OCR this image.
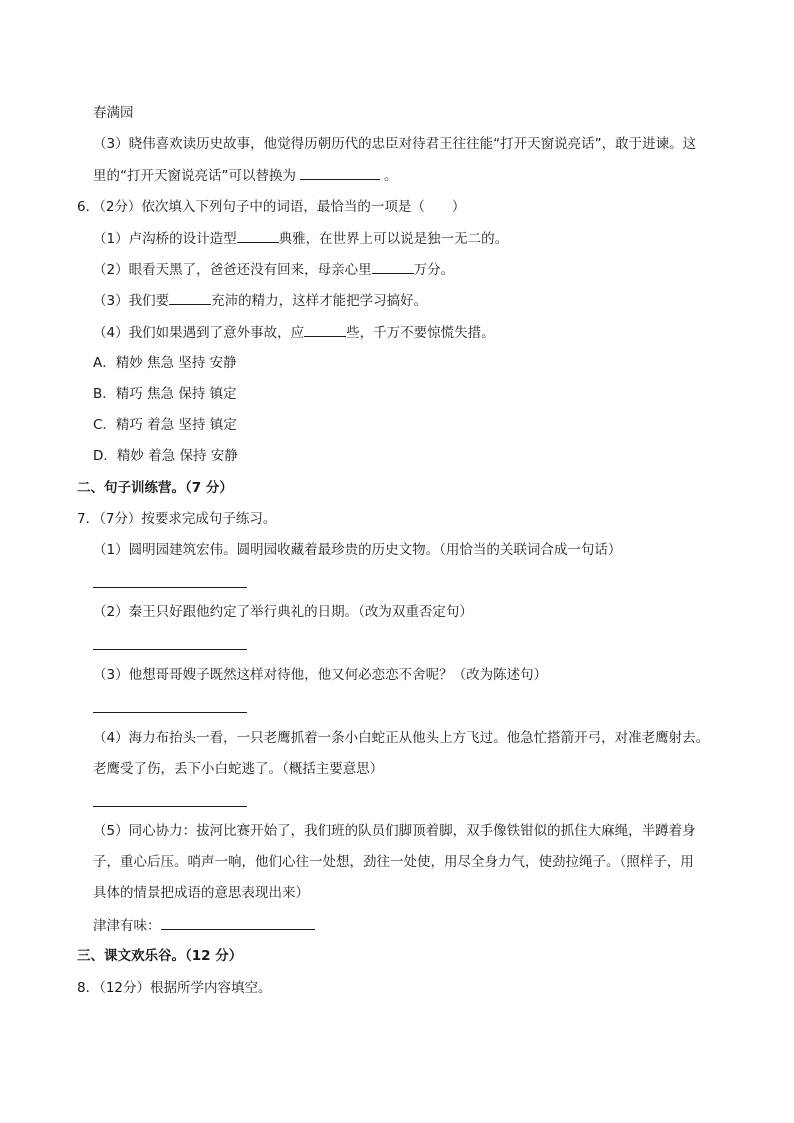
春满园
（3）晓伟喜欢读历史故事，他觉得历朝历代的忠臣对待君王往往能“打开天窗说亮话”，敢于进谏。这
里的“打开天窗说亮话”可以替换为	。
6．（2分）依次填入下列句子中的词语，最恰当的一项是（　　）
（1）卢沟桥的设计造型	典雅，在世界上可以说是独一无二的。
（2）眼看天黑了，爸爸还没有回来，母亲心里	万分。
（3）我们要	充沛的精力，这样才能把学习搞好。
（4）我们如果遇到了意外事故，应	些，千万不要惊慌失措。
A．精妙 焦急 坚持 安静
B．精巧 焦急 保持 镇定
C．精巧 着急 坚持 镇定
D．精妙 着急 保持 安静
二、句子训练营。（7 分）
7．（7分）按要求完成句子练习。
（1）圆明园建筑宏伟。圆明园收藏着最珍贵的历史文物。（用恰当的关联词合成一句话）
（2）秦王只好跟他约定了举行典礼的日期。（改为双重否定句）
（3）他想哥哥嫂子既然这样对待他，他又何必恋恋不舍呢？（改为陈述句）
（4）海力布抬头一看，一只老鹰抓着一条小白蛇正从他头上方飞过。他急忙搭箭开弓，对准老鹰射去。
老鹰受了伤，丢下小白蛇逃了。（概括主要意思）
（5）同心协力：拔河比赛开始了，我们班的队员们脚顶着脚，双手像铁钳似的抓住大麻绳，半蹲着身
子，重心后压。哨声一响，他们心往一处想，劲往一处使，用尽全身力气，使劲拉绳子。（照样子，用
具体的情景把成语的意思表现出来）
津津有味：
三、课文欢乐谷。（12 分）
8．（12分）根据所学内容填空。
